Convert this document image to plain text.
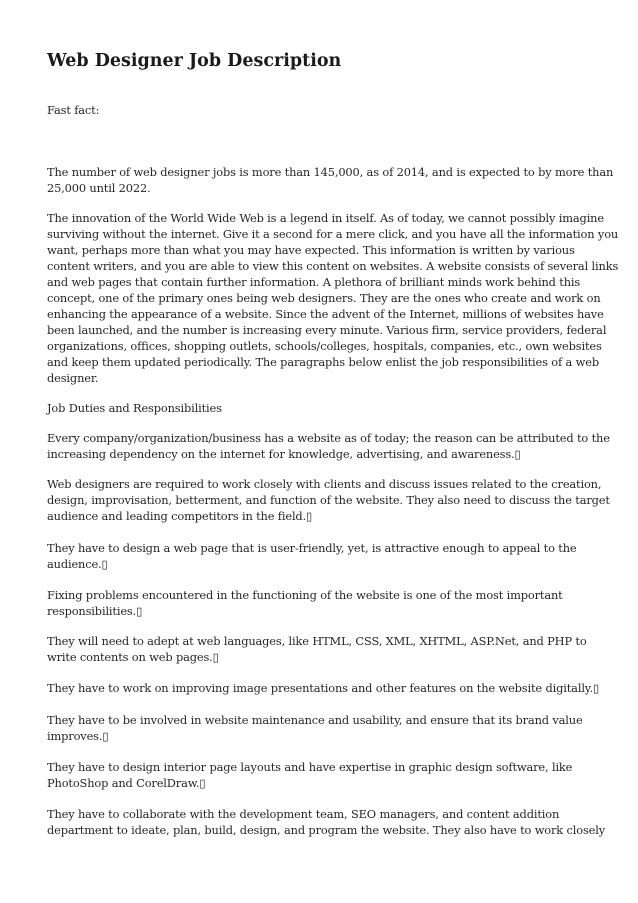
Web Designer Job Description

Fast fact:

The number of web designer jobs is more than 145,000, as of 2014, and is expected to by more than
25,000 until 2022.

The innovation of the World Wide Web is a legend in itself. As of today, we cannot possibly imagine
surviving without the internet. Give it a second for a mere click, and you have all the information you
want, perhaps more than what you may have expected. This information is written by various
content writers, and you are able to view this content on websites. A website consists of several links
and web pages that contain further information. A plethora of brilliant minds work behind this
concept, one of the primary ones being web designers. They are the ones who create and work on
enhancing the appearance of a website. Since the advent of the Internet, millions of websites have
been launched, and the number is increasing every minute. Various firm, service providers, federal
organizations, offices, shopping outlets, schools/colleges, hospitals, companies, etc., own websites
and keep them updated periodically. The paragraphs below enlist the job responsibilities of a web
designer.

Job Duties and Responsibilities

Every company/organization/business has a website as of today; the reason can be attributed to the
increasing dependency on the internet for knowledge, advertising, and awareness.▯

Web designers are required to work closely with clients and discuss issues related to the creation,
design, improvisation, betterment, and function of the website. They also need to discuss the target
audience and leading competitors in the field.▯

They have to design a web page that is user-friendly, yet, is attractive enough to appeal to the
audience.▯

Fixing problems encountered in the functioning of the website is one of the most important
responsibilities.▯

They will need to adept at web languages, like HTML, CSS, XML, XHTML, ASP.Net, and PHP to
write contents on web pages.▯

They have to work on improving image presentations and other features on the website digitally.▯

They have to be involved in website maintenance and usability, and ensure that its brand value
improves.▯

They have to design interior page layouts and have expertise in graphic design software, like
PhotoShop and CorelDraw.▯

They have to collaborate with the development team, SEO managers, and content addition
department to ideate, plan, build, design, and program the website. They also have to work closely
